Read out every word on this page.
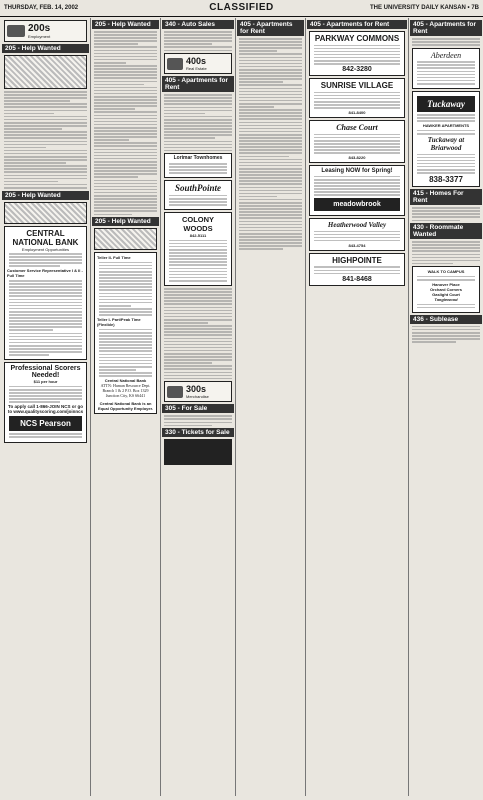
THURSDAY, FEB. 14, 2002	CLASSIFIED	THE UNIVERSITY DAILY KANSAN • 7B
200s
Employment
205 - Help Wanted
205 - Help Wanted
CENTRAL NATIONAL BANK
Employment Opportunities
Customer Service Representative I & II - Full Time
Professional Scorers Needed!
$11 per hour
To apply call 1-866-JOIN NCS or go to www.qualityscoring.com/joinncs
NCS Pearson
205 - Help Wanted
205 - Help Wanted
Teller II- Full Time
Teller I- Part/Peak Time (Flexible)
Central National Bank
ATTN: Human Resource Dept. Branch 1 & 2 P.O. Box 1329 Junction City, KS 66441
Central National Bank is an Equal Opportunity Employer.
340 - Auto Sales
400s
Real Estate
405 - Apartments for Rent
Lorimar Townhomes
SouthPointe
COLONY WOODS
842-5111
300s
Merchandise
305 - For Sale
330 - Tickets for Sale
405 - Apartments for Rent
405 - Apartments for Rent
PARKWAY COMMONS
842-3280
SUNRISE VILLAGE
841-8400
Chase Court
843-8220
Leasing NOW for Spring!
meadowbrook
Heatherwood Valley
843-4754
HIGHPOINTE
841-8468
405 - Apartments for Rent
Aberdeen
Tuckaway
HAWKER APARTMENTS
Tuckaway at Briarwood
838-3377
415 - Homes For Rent
430 - Roommate Wanted
WALK TO CAMPUS
Hanover Place
Orchard Corners
Gaslight Court
Tanglewood
436 - Sublease
